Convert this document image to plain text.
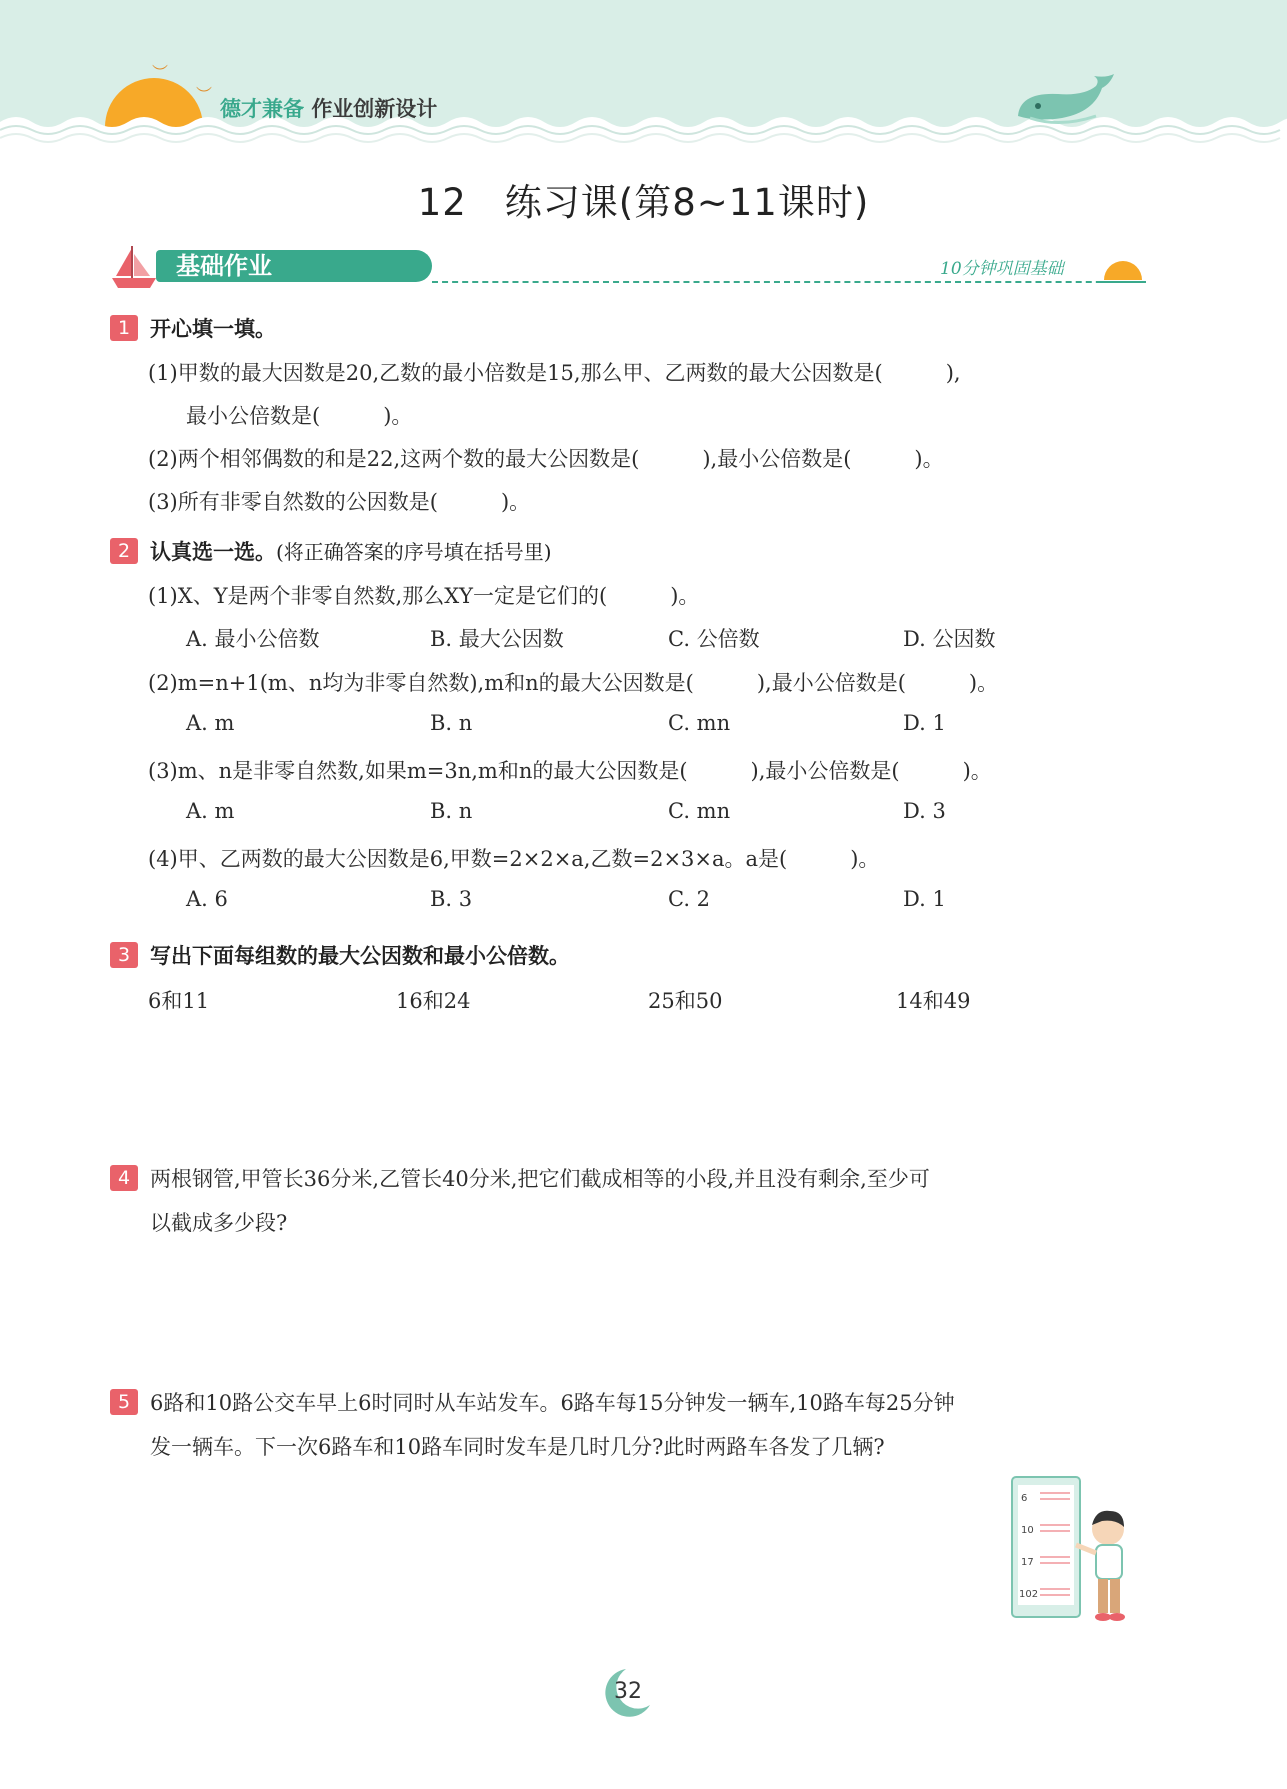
︶
︶
德才兼备 作业创新设计
12　练习课(第8~11课时)
基础作业	10分钟巩固基础
1 开心填一填。
(1)甲数的最大因数是20,乙数的最小倍数是15,那么甲、乙两数的最大公因数是(　　　),
最小公倍数是(　　　)。
(2)两个相邻偶数的和是22,这两个数的最大公因数是(　　　),最小公倍数是(　　　)。
(3)所有非零自然数的公因数是(　　　)。
2 认真选一选。(将正确答案的序号填在括号里)
(1)X、Y是两个非零自然数,那么XY一定是它们的(　　　)。
A. 最小公倍数	B. 最大公因数	C. 公倍数	D. 公因数
(2)m=n+1(m、n均为非零自然数),m和n的最大公因数是(　　　),最小公倍数是(　　　)。
A. m	B. n	C. mn	D. 1
(3)m、n是非零自然数,如果m=3n,m和n的最大公因数是(　　　),最小公倍数是(　　　)。
A. m	B. n	C. mn	D. 3
(4)甲、乙两数的最大公因数是6,甲数=2×2×a,乙数=2×3×a。a是(　　　)。
A. 6	B. 3	C. 2	D. 1
3 写出下面每组数的最大公因数和最小公倍数。
6和11	16和24	25和50	14和49
4 两根钢管,甲管长36分米,乙管长40分米,把它们截成相等的小段,并且没有剩余,至少可
以截成多少段?
5 6路和10路公交车早上6时同时从车站发车。6路车每15分钟发一辆车,10路车每25分钟
发一辆车。下一次6路车和10路车同时发车是几时几分?此时两路车各发了几辆?
6
10
17
102
32
